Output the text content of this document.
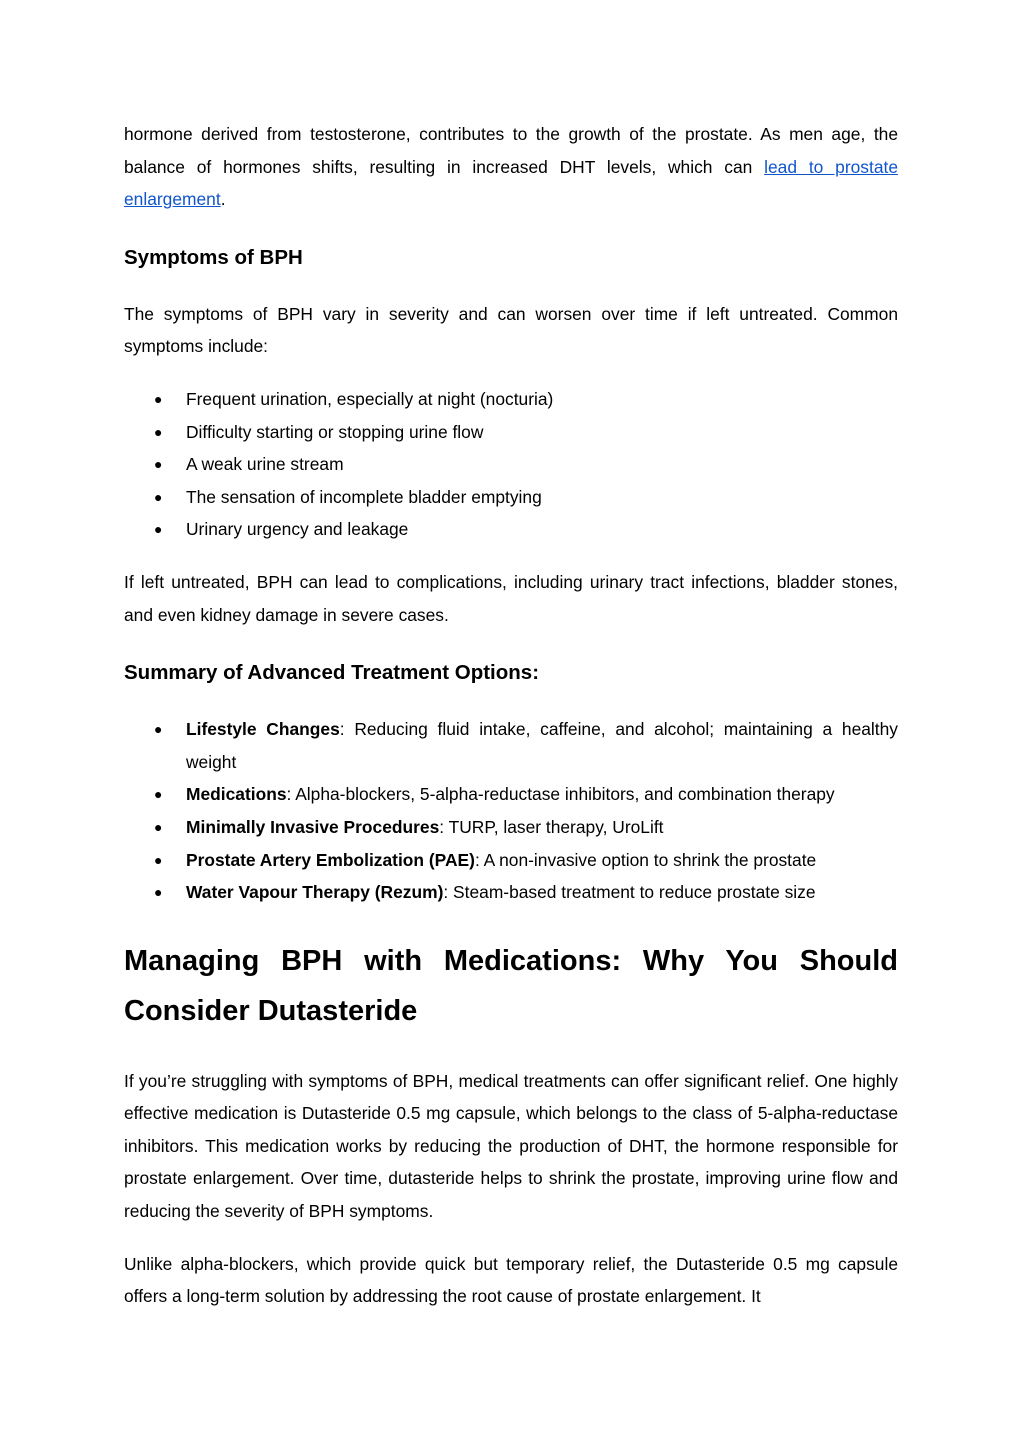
hormone derived from testosterone, contributes to the growth of the prostate. As men age, the balance of hormones shifts, resulting in increased DHT levels, which can lead to prostate enlargement.

Symptoms of BPH

The symptoms of BPH vary in severity and can worsen over time if left untreated. Common symptoms include:

● Frequent urination, especially at night (nocturia)
● Difficulty starting or stopping urine flow
● A weak urine stream
● The sensation of incomplete bladder emptying
● Urinary urgency and leakage

If left untreated, BPH can lead to complications, including urinary tract infections, bladder stones, and even kidney damage in severe cases.

Summary of Advanced Treatment Options:
● Lifestyle Changes: Reducing fluid intake, caffeine, and alcohol; maintaining a healthy weight
● Medications: Alpha-blockers, 5-alpha-reductase inhibitors, and combination therapy
● Minimally Invasive Procedures: TURP, laser therapy, UroLift
● Prostate Artery Embolization (PAE): A non-invasive option to shrink the prostate
● Water Vapour Therapy (Rezum): Steam-based treatment to reduce prostate size
Managing BPH with Medications: Why You Should Consider Dutasteride

If you’re struggling with symptoms of BPH, medical treatments can offer significant relief. One highly effective medication is Dutasteride 0.5 mg capsule, which belongs to the class of 5-alpha-reductase inhibitors. This medication works by reducing the production of DHT, the hormone responsible for prostate enlargement. Over time, dutasteride helps to shrink the prostate, improving urine flow and reducing the severity of BPH symptoms.

Unlike alpha-blockers, which provide quick but temporary relief, the Dutasteride 0.5 mg capsule offers a long-term solution by addressing the root cause of prostate enlargement. It
